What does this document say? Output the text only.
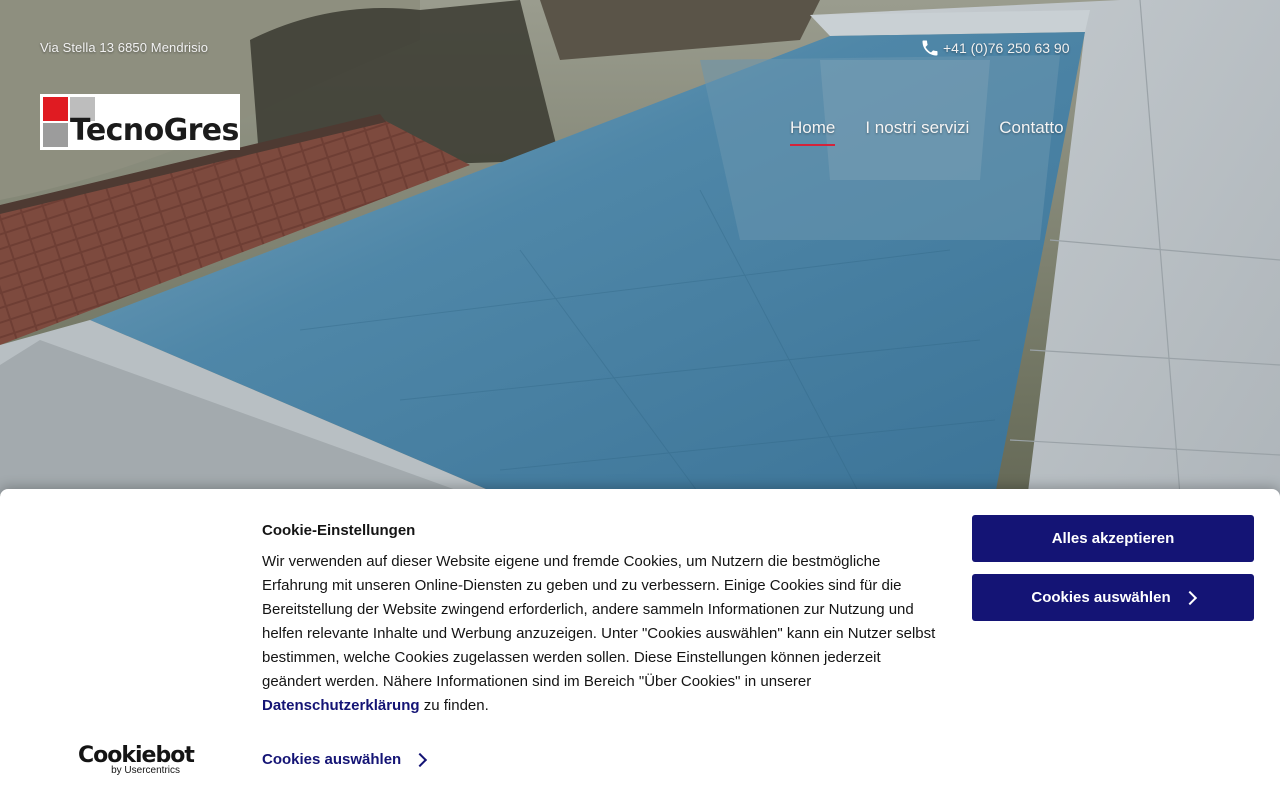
Via Stella 13 6850 Mendrisio	+41 (0)76 250 63 90
TecnoGres	Home I nostri servizi Contatto
Cookie-Einstellungen
Wir verwenden auf dieser Website eigene und fremde Cookies, um Nutzern die bestmögliche Erfahrung mit unseren Online-Diensten zu geben und zu verbessern. Einige Cookies sind für die Bereitstellung der Website zwingend erforderlich, andere sammeln Informationen zur Nutzung und helfen relevante Inhalte und Werbung anzuzeigen. Unter "Cookies auswählen" kann ein Nutzer selbst bestimmen, welche Cookies zugelassen werden sollen. Diese Einstellungen können jederzeit geändert werden. Nähere Informationen sind im Bereich "Über Cookies" in unserer Datenschutzerklärung zu finden.
Alles akzeptieren
Cookies auswählen
Cookies auswählen
Cookiebot
by Usercentrics
